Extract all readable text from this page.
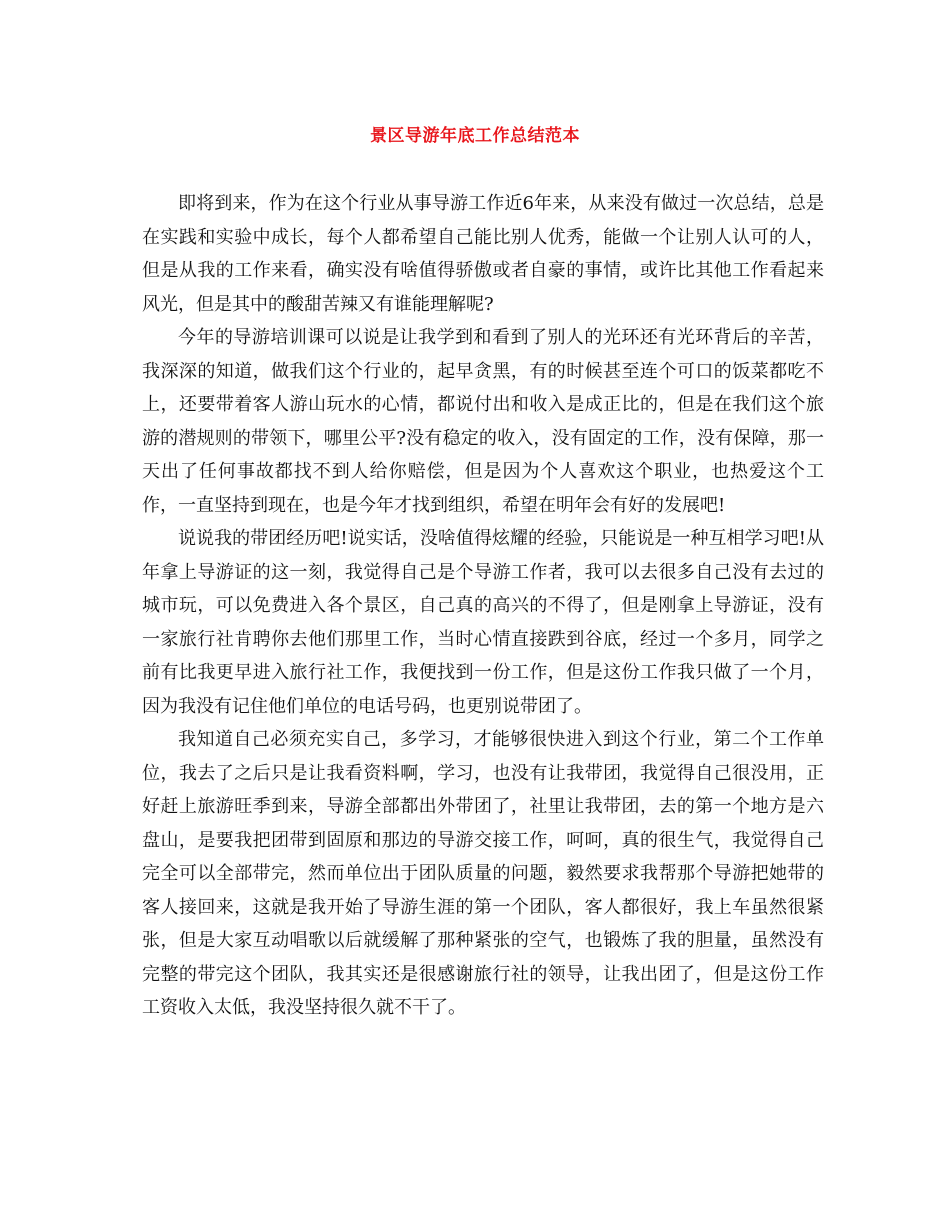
景区导游年底工作总结范本

即将到来，作为在这个行业从事导游工作近6年来，从来没有做过一次总结，总是在实践和实验中成长，每个人都希望自己能比别人优秀，能做一个让别人认可的人，但是从我的工作来看，确实没有啥值得骄傲或者自豪的事情，或许比其他工作看起来风光，但是其中的酸甜苦辣又有谁能理解呢?

今年的导游培训课可以说是让我学到和看到了别人的光环还有光环背后的辛苦，我深深的知道，做我们这个行业的，起早贪黑，有的时候甚至连个可口的饭菜都吃不上，还要带着客人游山玩水的心情，都说付出和收入是成正比的，但是在我们这个旅游的潜规则的带领下，哪里公平?没有稳定的收入，没有固定的工作，没有保障，那一天出了任何事故都找不到人给你赔偿，但是因为个人喜欢这个职业，也热爱这个工作，一直坚持到现在，也是今年才找到组织，希望在明年会有好的发展吧!

说说我的带团经历吧!说实话，没啥值得炫耀的经验，只能说是一种互相学习吧!从年拿上导游证的这一刻，我觉得自己是个导游工作者，我可以去很多自己没有去过的城市玩，可以免费进入各个景区，自己真的高兴的不得了，但是刚拿上导游证，没有一家旅行社肯聘你去他们那里工作，当时心情直接跌到谷底，经过一个多月，同学之前有比我更早进入旅行社工作，我便找到一份工作，但是这份工作我只做了一个月，因为我没有记住他们单位的电话号码，也更别说带团了。

我知道自己必须充实自己，多学习，才能够很快进入到这个行业，第二个工作单位，我去了之后只是让我看资料啊，学习，也没有让我带团，我觉得自己很没用，正好赶上旅游旺季到来，导游全部都出外带团了，社里让我带团，去的第一个地方是六盘山，是要我把团带到固原和那边的导游交接工作，呵呵，真的很生气，我觉得自己完全可以全部带完，然而单位出于团队质量的问题，毅然要求我帮那个导游把她带的客人接回来，这就是我开始了导游生涯的第一个团队，客人都很好，我上车虽然很紧张，但是大家互动唱歌以后就缓解了那种紧张的空气，也锻炼了我的胆量，虽然没有完整的带完这个团队，我其实还是很感谢旅行社的领导，让我出团了，但是这份工作工资收入太低，我没坚持很久就不干了。
